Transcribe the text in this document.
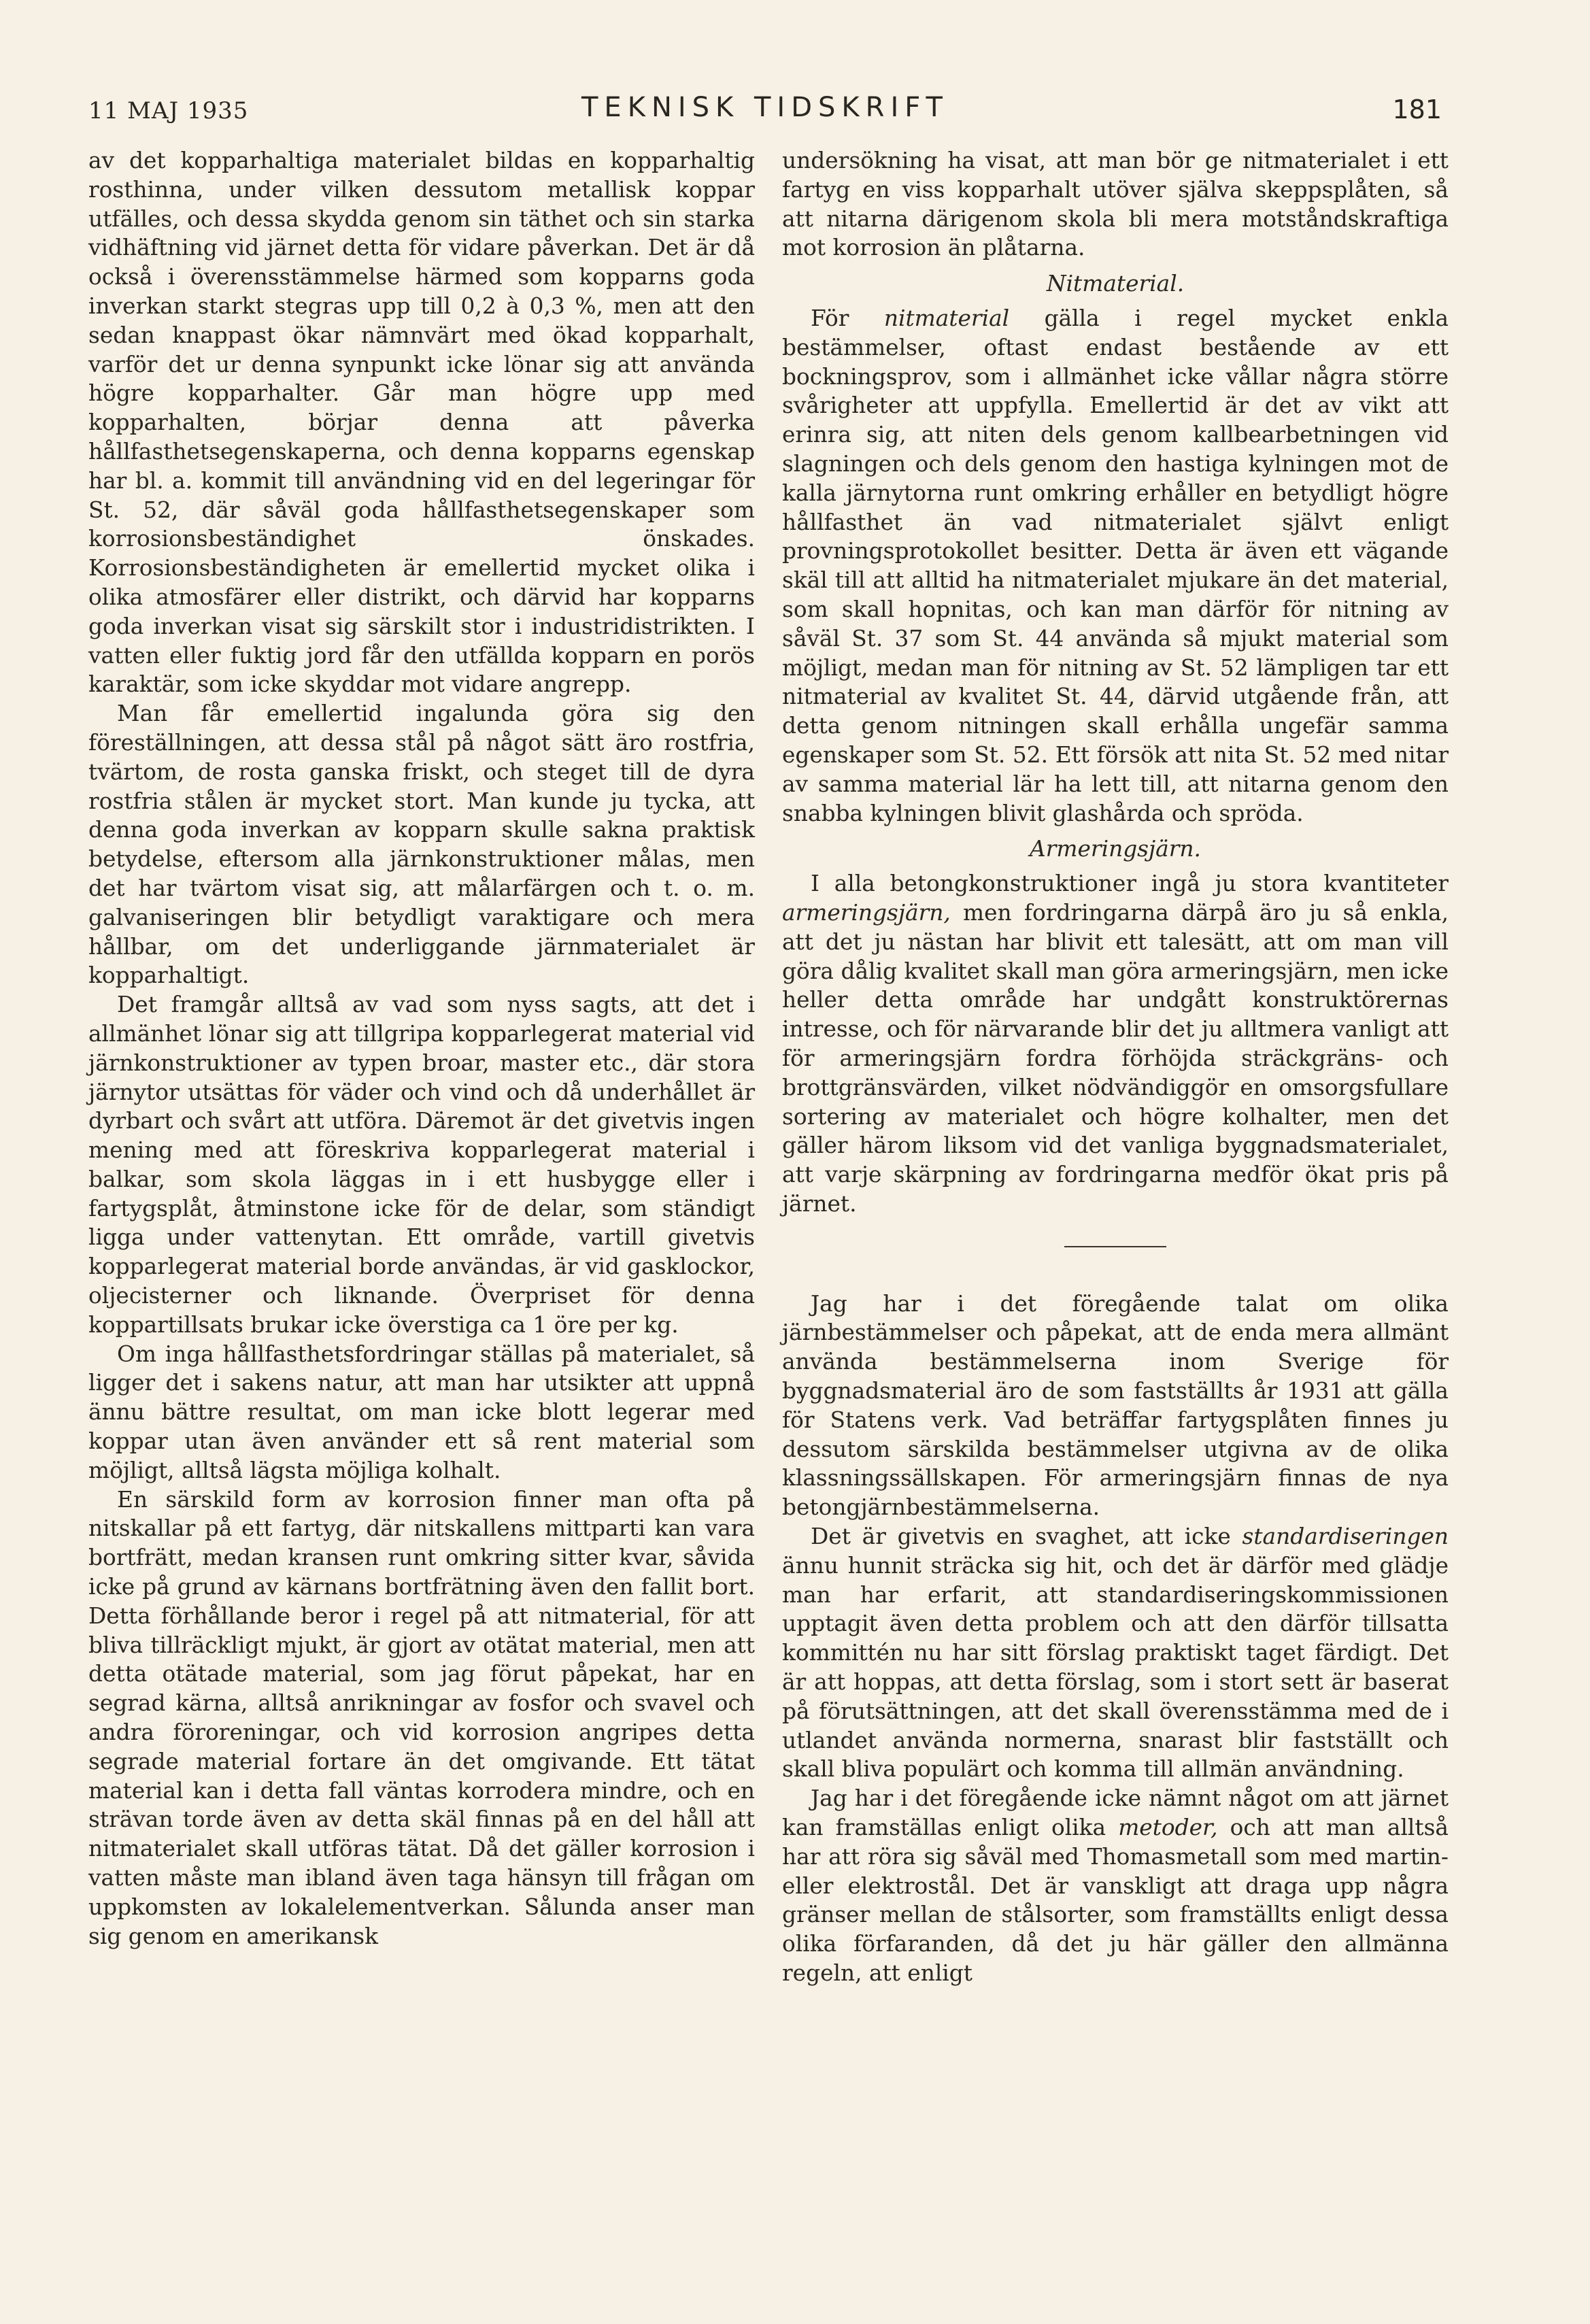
11 MAJ 1935	TEKNISK TIDSKRIFT	181

av det kopparhaltiga materialet bildas en kopparhaltig rosthinna, under vilken dessutom metallisk koppar utfälles, och dessa skydda genom sin täthet och sin starka vidhäftning vid järnet detta för vidare påverkan. Det är då också i överensstämmelse härmed som kopparns goda inverkan starkt stegras upp till 0,2 à 0,3 %, men att den sedan knappast ökar nämnvärt med ökad kopparhalt, varför det ur denna synpunkt icke lönar sig att använda högre kopparhalter. Går man högre upp med kopparhalten, börjar denna att påverka hållfasthetsegenskaperna, och denna kopparns egenskap har bl. a. kommit till användning vid en del legeringar för St. 52, där såväl goda hållfasthetsegenskaper som korrosionsbeständighet önskades. Korrosionsbeständigheten är emellertid mycket olika i olika atmosfärer eller distrikt, och därvid har kopparns goda inverkan visat sig särskilt stor i industridistrikten. I vatten eller fuktig jord får den utfällda kopparn en porös karaktär, som icke skyddar mot vidare angrepp.

Man får emellertid ingalunda göra sig den föreställningen, att dessa stål på något sätt äro rostfria, tvärtom, de rosta ganska friskt, och steget till de dyra rostfria stålen är mycket stort. Man kunde ju tycka, att denna goda inverkan av kopparn skulle sakna praktisk betydelse, eftersom alla järnkonstruktioner målas, men det har tvärtom visat sig, att målarfärgen och t. o. m. galvaniseringen blir betydligt varaktigare och mera hållbar, om det underliggande järnmaterialet är kopparhaltigt.

Det framgår alltså av vad som nyss sagts, att det i allmänhet lönar sig att tillgripa kopparlegerat material vid järnkonstruktioner av typen broar, master etc., där stora järnytor utsättas för väder och vind och då underhållet är dyrbart och svårt att utföra. Däremot är det givetvis ingen mening med att föreskriva kopparlegerat material i balkar, som skola läggas in i ett husbygge eller i fartygsplåt, åtminstone icke för de delar, som ständigt ligga under vattenytan. Ett område, vartill givetvis kopparlegerat material borde användas, är vid gasklockor, oljecisterner och liknande. Överpriset för denna koppartillsats brukar icke överstiga ca 1 öre per kg.

Om inga hållfasthetsfordringar ställas på materialet, så ligger det i sakens natur, att man har utsikter att uppnå ännu bättre resultat, om man icke blott legerar med koppar utan även använder ett så rent material som möjligt, alltså lägsta möjliga kolhalt.

En särskild form av korrosion finner man ofta på nitskallar på ett fartyg, där nitskallens mittparti kan vara bortfrätt, medan kransen runt omkring sitter kvar, såvida icke på grund av kärnans bortfrätning även den fallit bort. Detta förhållande beror i regel på att nitmaterial, för att bliva tillräckligt mjukt, är gjort av otätat material, men att detta otätade material, som jag förut påpekat, har en segrad kärna, alltså anrikningar av fosfor och svavel och andra föroreningar, och vid korrosion angripes detta segrade material fortare än det omgivande. Ett tätat material kan i detta fall väntas korrodera mindre, och en strävan torde även av detta skäl finnas på en del håll att nitmaterialet skall utföras tätat. Då det gäller korrosion i vatten måste man ibland även taga hänsyn till frågan om uppkomsten av lokalelementverkan. Sålunda anser man sig genom en amerikansk

undersökning ha visat, att man bör ge nitmaterialet i ett fartyg en viss kopparhalt utöver själva skeppsplåten, så att nitarna därigenom skola bli mera motståndskraftiga mot korrosion än plåtarna.

Nitmaterial.

För nitmaterial gälla i regel mycket enkla bestämmelser, oftast endast bestående av ett bockningsprov, som i allmänhet icke vållar några större svårigheter att uppfylla. Emellertid är det av vikt att erinra sig, att niten dels genom kallbearbetningen vid slagningen och dels genom den hastiga kylningen mot de kalla järnytorna runt omkring erhåller en betydligt högre hållfasthet än vad nitmaterialet självt enligt provningsprotokollet besitter. Detta är även ett vägande skäl till att alltid ha nitmaterialet mjukare än det material, som skall hopnitas, och kan man därför för nitning av såväl St. 37 som St. 44 använda så mjukt material som möjligt, medan man för nitning av St. 52 lämpligen tar ett nitmaterial av kvalitet St. 44, därvid utgående från, att detta genom nitningen skall erhålla ungefär samma egenskaper som St. 52. Ett försök att nita St. 52 med nitar av samma material lär ha lett till, att nitarna genom den snabba kylningen blivit glashårda och spröda.

Armeringsjärn.

I alla betongkonstruktioner ingå ju stora kvantiteter armeringsjärn, men fordringarna därpå äro ju så enkla, att det ju nästan har blivit ett talesätt, att om man vill göra dålig kvalitet skall man göra armeringsjärn, men icke heller detta område har undgått konstruktörernas intresse, och för närvarande blir det ju alltmera vanligt att för armeringsjärn fordra förhöjda sträckgräns- och brottgränsvärden, vilket nödvändiggör en omsorgsfullare sortering av materialet och högre kolhalter, men det gäller härom liksom vid det vanliga byggnadsmaterialet, att varje skärpning av fordringarna medför ökat pris på järnet.

Jag har i det föregående talat om olika järnbestämmelser och påpekat, att de enda mera allmänt använda bestämmelserna inom Sverige för byggnadsmaterial äro de som fastställts år 1931 att gälla för Statens verk. Vad beträffar fartygsplåten finnes ju dessutom särskilda bestämmelser utgivna av de olika klassningssällskapen. För armeringsjärn finnas de nya betongjärnbestämmelserna.

Det är givetvis en svaghet, att icke standardiseringen ännu hunnit sträcka sig hit, och det är därför med glädje man har erfarit, att standardiseringskommissionen upptagit även detta problem och att den därför tillsatta kommittén nu har sitt förslag praktiskt taget färdigt. Det är att hoppas, att detta förslag, som i stort sett är baserat på förutsättningen, att det skall överensstämma med de i utlandet använda normerna, snarast blir fastställt och skall bliva populärt och komma till allmän användning.

Jag har i det föregående icke nämnt något om att järnet kan framställas enligt olika metoder, och att man alltså har att röra sig såväl med Thomasmetall som med martin- eller elektrostål. Det är vanskligt att draga upp några gränser mellan de stålsorter, som framställts enligt dessa olika förfaranden, då det ju här gäller den allmänna regeln, att enligt
